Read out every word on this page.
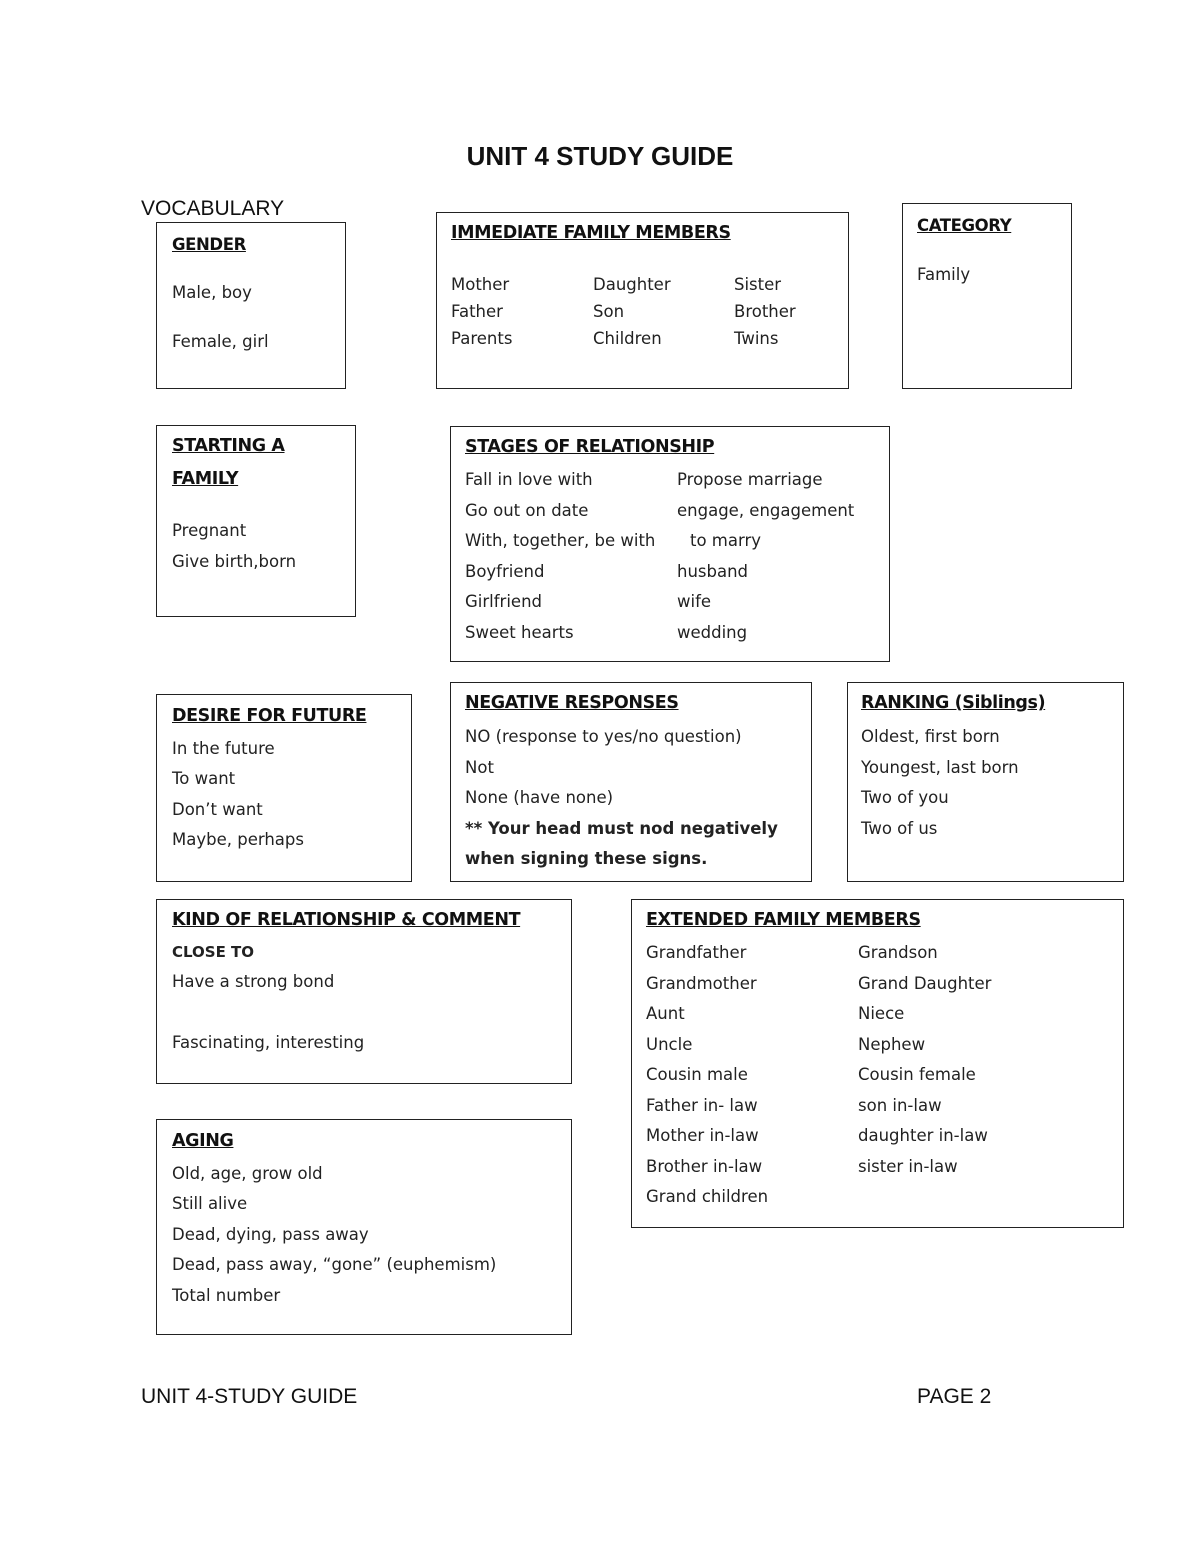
UNIT 4 STUDY GUIDE
VOCABULARY
GENDER
Male, boy
Female, girl
IMMEDIATE FAMILY MEMBERS
Mother
Father
Parents
Daughter
Son
Children
Sister
Brother
Twins
CATEGORY
Family
STARTING A
FAMILY
Pregnant
Give birth,born
STAGES OF RELATIONSHIP
Fall in love with
Go out on date
With, together, be with
Boyfriend
Girlfriend
Sweet hearts
Propose marriage
engage, engagement
to marry
husband
wife
wedding
DESIRE FOR FUTURE
In the future
To want
Don’t want
Maybe, perhaps
NEGATIVE RESPONSES
NO (response to yes/no question)
Not
None (have none)
** Your head must nod negatively
when signing these signs.
RANKING (Siblings)
Oldest, first born
Youngest, last born
Two of you
Two of us
KIND OF RELATIONSHIP & COMMENT
CLOSE TO
Have a strong bond
Fascinating, interesting
EXTENDED FAMILY MEMBERS
Grandfather
Grandmother
Aunt
Uncle
Cousin male
Father in- law
Mother in-law
Brother in-law
Grand children
Grandson
Grand Daughter
Niece
Nephew
Cousin female
son in-law
daughter in-law
sister in-law
AGING
Old, age, grow old
Still alive
Dead, dying, pass away
Dead, pass away, “gone” (euphemism)
Total number
UNIT 4-STUDY GUIDE	PAGE 2
